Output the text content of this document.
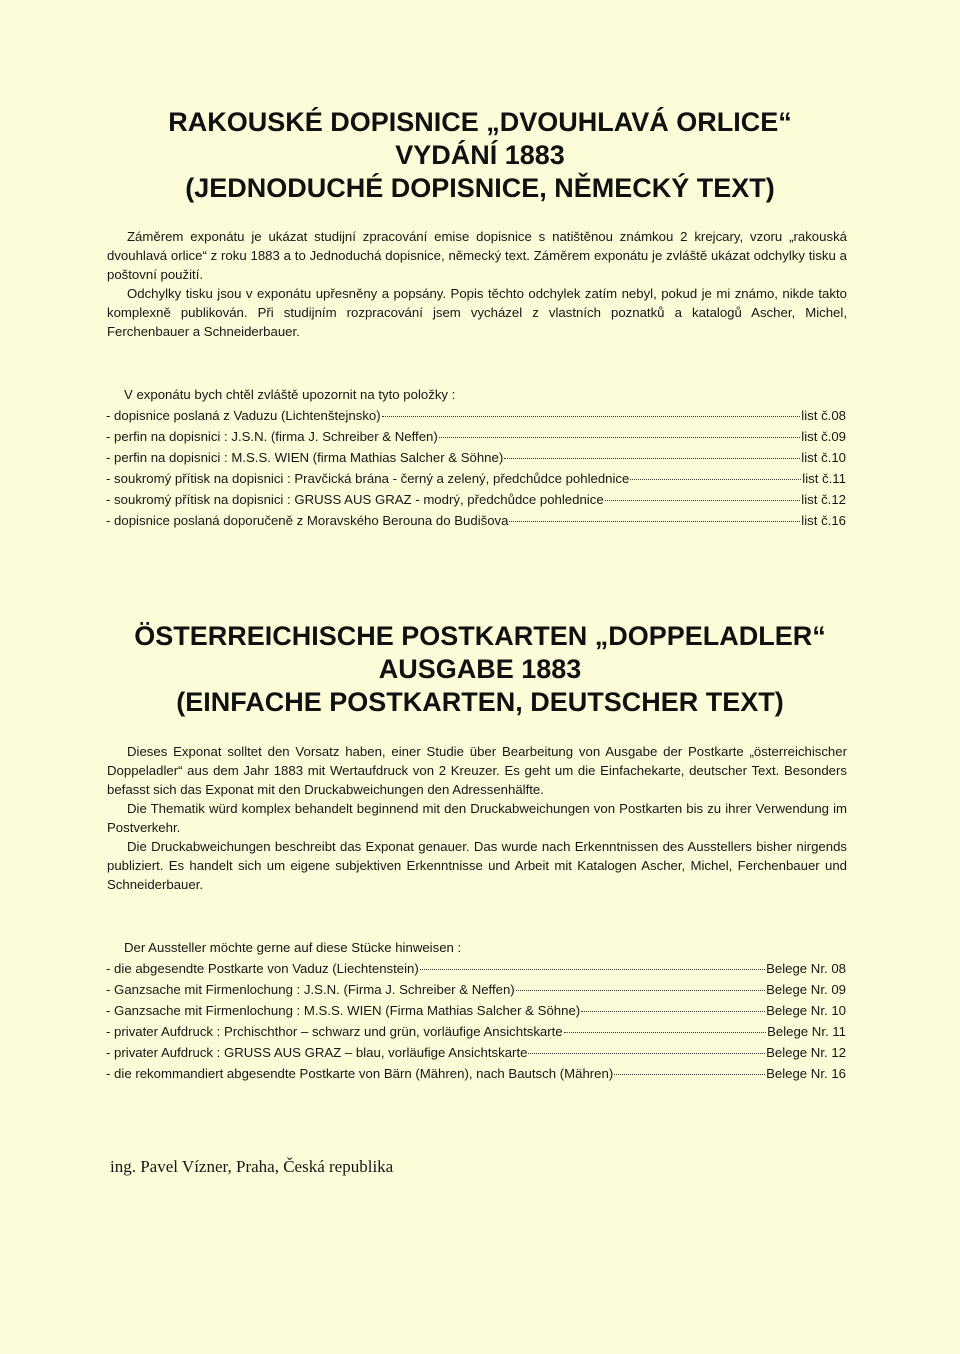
RAKOUSKÉ DOPISNICE „DVOUHLAVÁ ORLICE“
VYDÁNÍ 1883
(JEDNODUCHÉ DOPISNICE, NĚMECKÝ TEXT)

Záměrem exponátu je ukázat studijní zpracování emise dopisnice s natištěnou známkou 2 krejcary, vzoru „rakouská dvouhlavá orlice“ z roku 1883 a to Jednoduchá dopisnice, německý text. Záměrem exponátu je zvláště ukázat odchylky tisku a poštovní použití.

Odchylky tisku jsou v exponátu upřesněny a popsány. Popis těchto odchylek zatím nebyl, pokud je mi známo, nikde takto komplexně publikován. Při studijním rozpracování jsem vycházel z vlastních poznatků a katalogů Ascher, Michel, Ferchenbauer a Schneiderbauer.

V exponátu bych chtěl zvláště upozornit na tyto položky :
- dopisnice poslaná z Vaduzu (Lichtenštejnsko)	list č.08
- perfin na dopisnici : J.S.N. (firma J. Schreiber & Neffen)	list č.09
- perfin na dopisnici : M.S.S. WIEN (firma Mathias Salcher & Söhne)	list č.10
- soukromý přítisk na dopisnici : Pravčická brána - černý a zelený, předchůdce pohlednice	list č.11
- soukromý přítisk na dopisnici : GRUSS AUS GRAZ - modrý, předchůdce pohlednice	list č.12
- dopisnice poslaná doporučeně z Moravského Berouna do Budišova	list č.16
ÖSTERREICHISCHE POSTKARTEN „DOPPELADLER“
AUSGABE 1883
(EINFACHE POSTKARTEN, DEUTSCHER TEXT)

Dieses Exponat solltet den Vorsatz haben, einer Studie über Bearbeitung von Ausgabe der Postkarte „österreichischer Doppeladler“ aus dem Jahr 1883 mit Wertaufdruck von 2 Kreuzer. Es geht um die Einfachekarte, deutscher Text. Besonders befasst sich das Exponat mit den Druckabweichungen den Adressenhälfte.

Die Thematik würd komplex behandelt beginnend mit den Druckabweichungen von Postkarten bis zu ihrer Verwendung im Postverkehr.

Die Druckabweichungen beschreibt das Exponat genauer. Das wurde nach Erkenntnissen des Ausstellers bisher nirgends publiziert. Es handelt sich um eigene subjektiven Erkenntnisse und Arbeit mit Katalogen Ascher, Michel, Ferchenbauer und Schneiderbauer.

Der Aussteller möchte gerne auf diese Stücke hinweisen :
- die abgesendte Postkarte von Vaduz (Liechtenstein)	Belege Nr. 08
- Ganzsache mit Firmenlochung : J.S.N. (Firma J. Schreiber & Neffen)	Belege Nr. 09
- Ganzsache mit Firmenlochung : M.S.S. WIEN (Firma Mathias Salcher & Söhne)	Belege Nr. 10
- privater Aufdruck : Prchischthor – schwarz und grün, vorläufige Ansichtskarte	Belege Nr. 11
- privater Aufdruck : GRUSS AUS GRAZ – blau, vorläufige Ansichtskarte	Belege Nr. 12
- die rekommandiert abgesendte Postkarte von Bärn (Mähren), nach Bautsch (Mähren)	Belege Nr. 16
ing. Pavel Vízner, Praha, Česká republika
